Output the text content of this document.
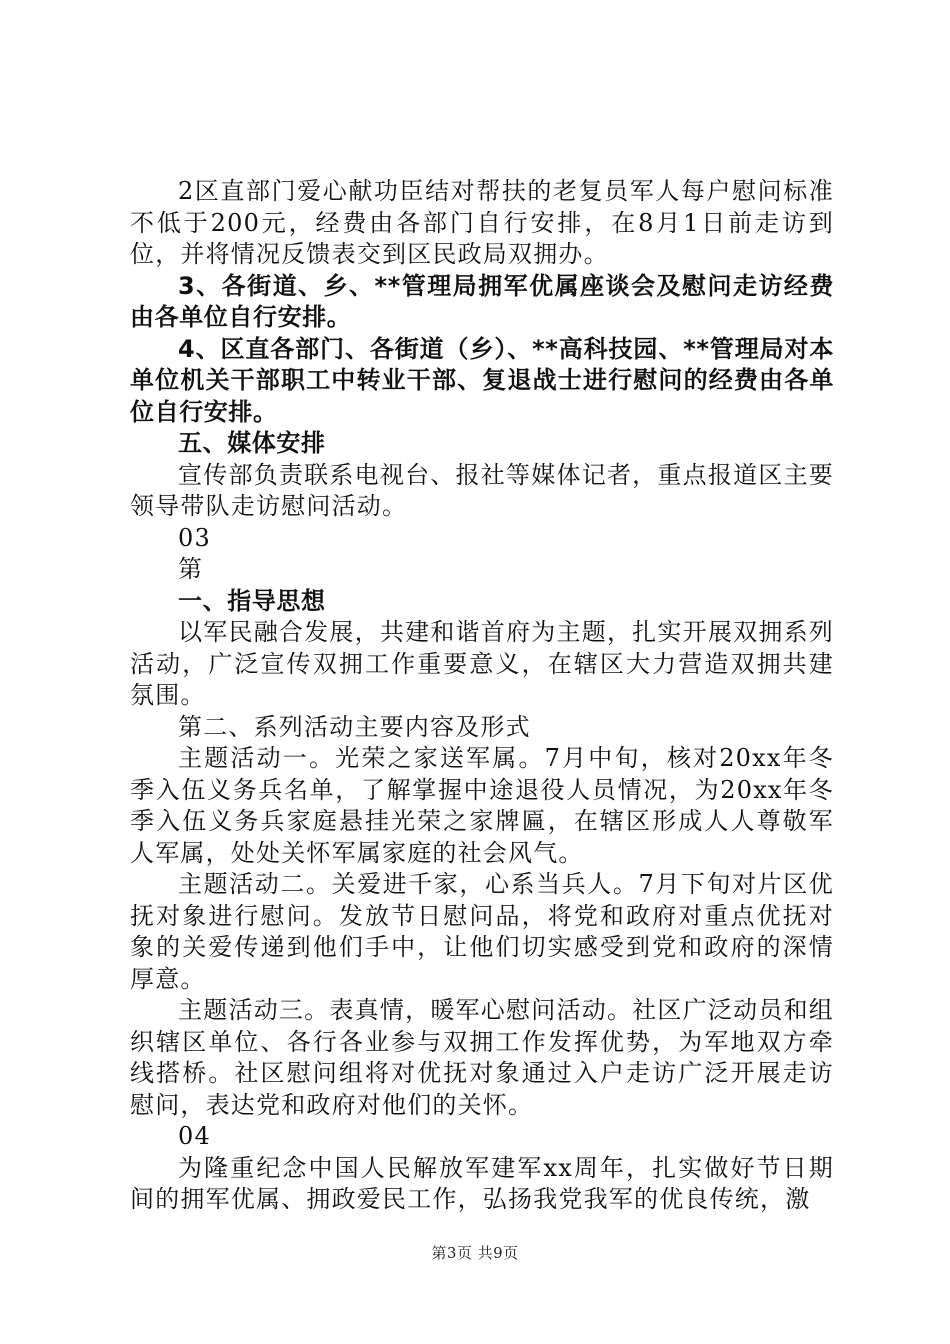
2区直部门爱心献功臣结对帮扶的老复员军人每户慰问标准不低于200元，经费由各部门自行安排，在8月1日前走访到位，并将情况反馈表交到区民政局双拥办。

3、各街道、乡、**管理局拥军优属座谈会及慰问走访经费由各单位自行安排。

4、区直各部门、各街道（乡）、**高科技园、**管理局对本单位机关干部职工中转业干部、复退战士进行慰问的经费由各单位自行安排。

五、媒体安排

宣传部负责联系电视台、报社等媒体记者，重点报道区主要领导带队走访慰问活动。

03

第

一、指导思想

以军民融合发展，共建和谐首府为主题，扎实开展双拥系列活动，广泛宣传双拥工作重要意义，在辖区大力营造双拥共建氛围。

第二、系列活动主要内容及形式

主题活动一。光荣之家送军属。7月中旬，核对20xx年冬季入伍义务兵名单，了解掌握中途退役人员情况，为20xx年冬季入伍义务兵家庭悬挂光荣之家牌匾，在辖区形成人人尊敬军人军属，处处关怀军属家庭的社会风气。

主题活动二。关爱进千家，心系当兵人。7月下旬对片区优抚对象进行慰问。发放节日慰问品，将党和政府对重点优抚对象的关爱传递到他们手中，让他们切实感受到党和政府的深情厚意。

主题活动三。表真情，暖军心慰问活动。社区广泛动员和组织辖区单位、各行各业参与双拥工作发挥优势，为军地双方牵线搭桥。社区慰问组将对优抚对象通过入户走访广泛开展走访慰问，表达党和政府对他们的关怀。

04

为隆重纪念中国人民解放军建军xx周年，扎实做好节日期间的拥军优属、拥政爱民工作，弘扬我党我军的优良传统，激

第3页 共9页
